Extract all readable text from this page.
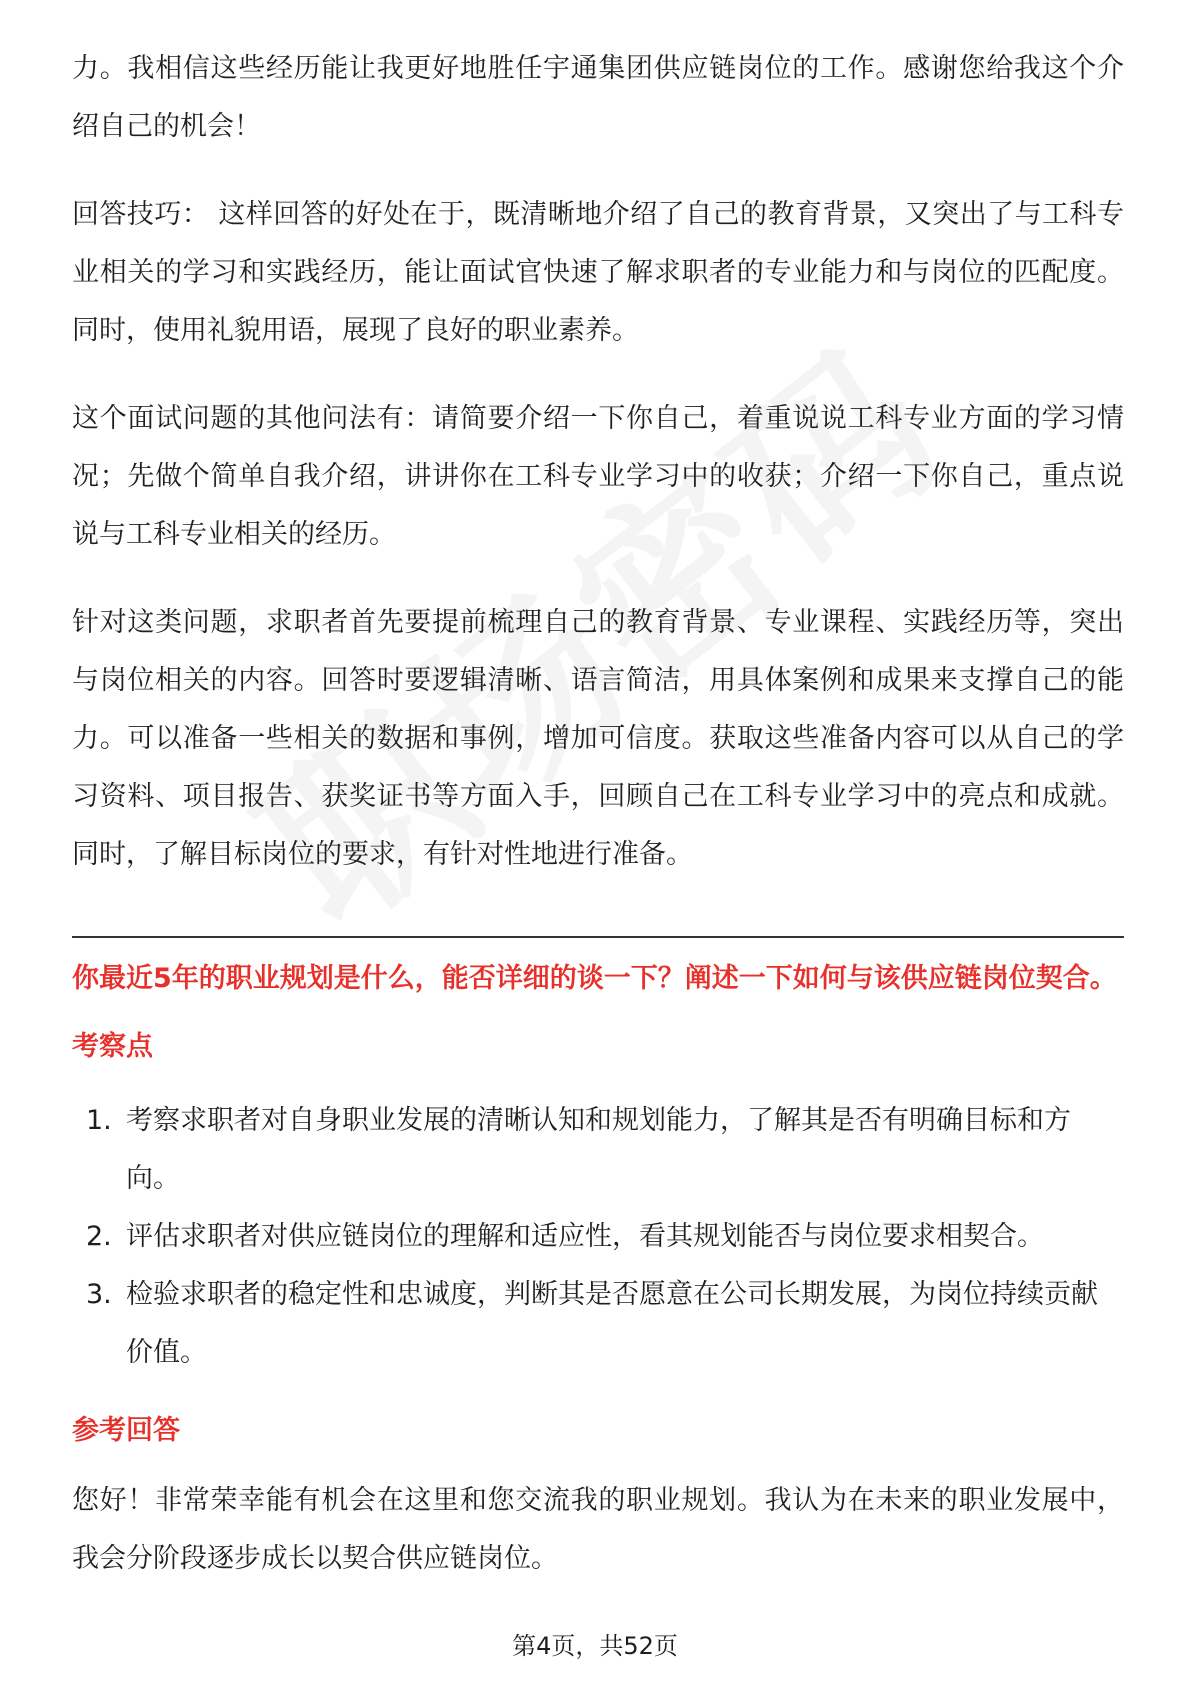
力。我相信这些经历能让我更好地胜任宇通集团供应链岗位的工作。感谢您给我这个介绍自己的机会！

回答技巧： 这样回答的好处在于，既清晰地介绍了自己的教育背景，又突出了与工科专业相关的学习和实践经历，能让面试官快速了解求职者的专业能力和与岗位的匹配度。同时，使用礼貌用语，展现了良好的职业素养。

这个面试问题的其他问法有：请简要介绍一下你自己，着重说说工科专业方面的学习情况；先做个简单自我介绍，讲讲你在工科专业学习中的收获；介绍一下你自己，重点说说与工科专业相关的经历。

针对这类问题，求职者首先要提前梳理自己的教育背景、专业课程、实践经历等，突出与岗位相关的内容。回答时要逻辑清晰、语言简洁，用具体案例和成果来支撑自己的能力。可以准备一些相关的数据和事例，增加可信度。获取这些准备内容可以从自己的学习资料、项目报告、获奖证书等方面入手，回顾自己在工科专业学习中的亮点和成就。同时，了解目标岗位的要求，有针对性地进行准备。

你最近5年的职业规划是什么，能否详细的谈一下？阐述一下如何与该供应链岗位契合。
考察点
1. 考察求职者对自身职业发展的清晰认知和规划能力，了解其是否有明确目标和方向。
2. 评估求职者对供应链岗位的理解和适应性，看其规划能否与岗位要求相契合。
3. 检验求职者的稳定性和忠诚度，判断其是否愿意在公司长期发展，为岗位持续贡献价值。
参考回答

您好！非常荣幸能有机会在这里和您交流我的职业规划。我认为在未来的职业发展中，我会分阶段逐步成长以契合供应链岗位。

第4页，共52页
